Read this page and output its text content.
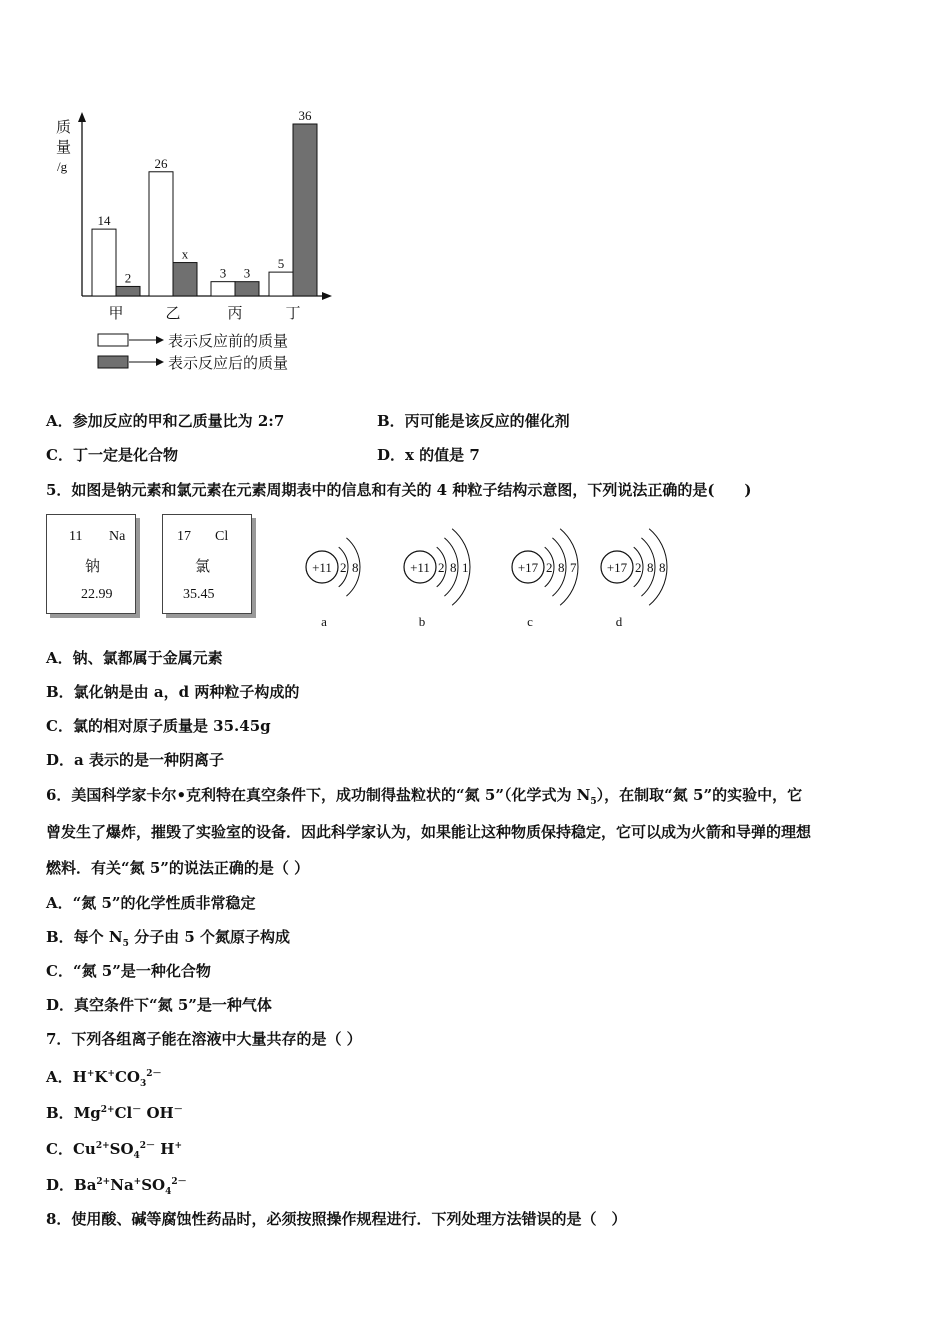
质
量
/g
14
2
26
x
3 3
5
36
甲	乙	丙	丁
表示反应前的质量
表示反应后的质量
A．参加反应的甲和乙质量比为 2:7	B．丙可能是该反应的催化剂
C．丁一定是化合物	D．x 的值是 7
5．如图是钠元素和氯元素在元素周期表中的信息和有关的 4 种粒子结构示意图，下列说法正确的是(　　)
11 Na
钠
22.99
17 Cl
氯
35.45
+11 2 8
a
+11 2 8 1
b
+17 2 8 7
c
+17 2 8 8
d
A．钠、氯都属于金属元素
B．氯化钠是由 a，d 两种粒子构成的
C．氯的相对原子质量是 35.45g
D．a 表示的是一种阴离子
6．美国科学家卡尔•克利特在真空条件下，成功制得盐粒状的“氮 5”（化学式为 $N_5$），在制取“氮 5”的实验中，它
曾发生了爆炸，摧毁了实验室的设备．因此科学家认为，如果能让这种物质保持稳定，它可以成为火箭和导弹的理想
燃料．有关“氮 5”的说法正确的是（ ）
A．“氮 5”的化学性质非常稳定
B．每个 $N_5$ 分子由 5 个氮原子构成
C．“氮 5”是一种化合物
D．真空条件下“氮 5”是一种气体
7．下列各组离子能在溶液中大量共存的是（ ）
A．$H^+K^+CO_3^{2-}$
B．$Mg^{2+}Cl^-$ OH－
C．$Cu^{2+}SO_4^{2-}$ H+
D．$Ba^{2+}Na^+SO_4^{2-}$
8．使用酸、碱等腐蚀性药品时，必须按照操作规程进行．下列处理方法错误的是（　）
